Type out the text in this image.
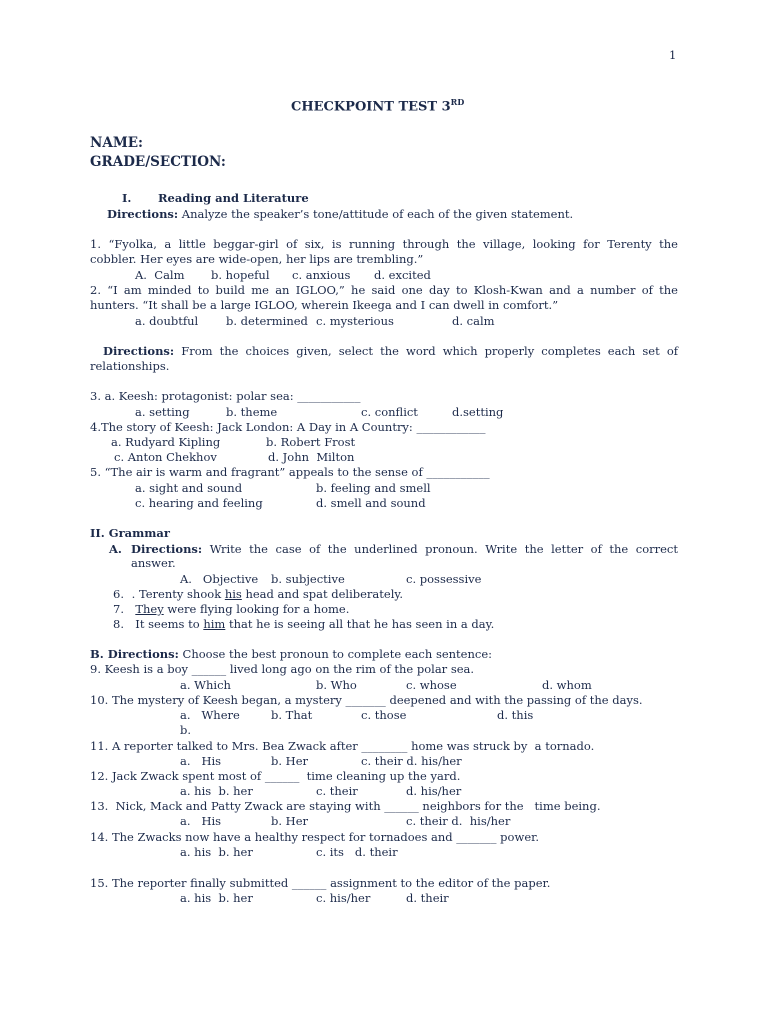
1
CHECKPOINT TEST 3RD
NAME:
GRADE/SECTION:
I. Reading and Literature
Directions: Analyze the speaker’s tone/attitude of each of the given statement.
1. “Fyolka, a little beggar-girl of six, is running through the village, looking for Terenty the
cobbler. Her eyes are wide-open, her lips are trembling.”
A.  Calm b. hopeful c. anxious d. excited
2. “I am minded to build me an IGLOO,” he said one day to Klosh-Kwan and a number of the
hunters. “It shall be a large IGLOO, wherein Ikeega and I can dwell in comfort.”
a. doubtful b. determined c. mysterious	d. calm
Directions: From the choices given, select the word which properly completes each set of
relationships.
3. a. Keesh: protagonist: polar sea: ___________
a. setting	b. theme	c. conflict	d.setting
4.The story of Keesh: Jack London: A Day in A Country: ____________
a. Rudyard Kipling	b. Robert Frost
c. Anton Chekhov	d. John  Milton
5. “The air is warm and fragrant” appeals to the sense of ___________
a. sight and sound	b. feeling and smell
c. hearing and feeling	d. smell and sound
II. Grammar
A. Directions: Write the case of the underlined pronoun. Write the letter of the correct
answer.
A.   Objective b. subjective	c. possessive
6. . Terenty shook his head and spat deliberately.
7. They were flying looking for a home.
8. It seems to him that he is seeing all that he has seen in a day.
B. Directions: Choose the best pronoun to complete each sentence:
9. Keesh is a boy ______ lived long ago on the rim of the polar sea.
a. Which	b. Who	c. whose	d. whom
10. The mystery of Keesh began, a mystery _______ deepened and with the passing of the days.
a.   Where	b. That	c. those	d. this
b.
11. A reporter talked to Mrs. Bea Zwack after ________ home was struck by  a tornado.
a.   His	b. Her	c. their d. his/her
12. Jack Zwack spent most of ______  time cleaning up the yard.
a. his  b. her	c. their	d. his/her
13.  Nick, Mack and Patty Zwack are staying with ______ neighbors for the   time being.
a.   His	b. Her	c. their d.  his/her
14. The Zwacks now have a healthy respect for tornadoes and _______ power.
a. his  b. her	c. its   d. their
15. The reporter finally submitted ______ assignment to the editor of the paper.
a. his  b. her	c. his/her	d. their
